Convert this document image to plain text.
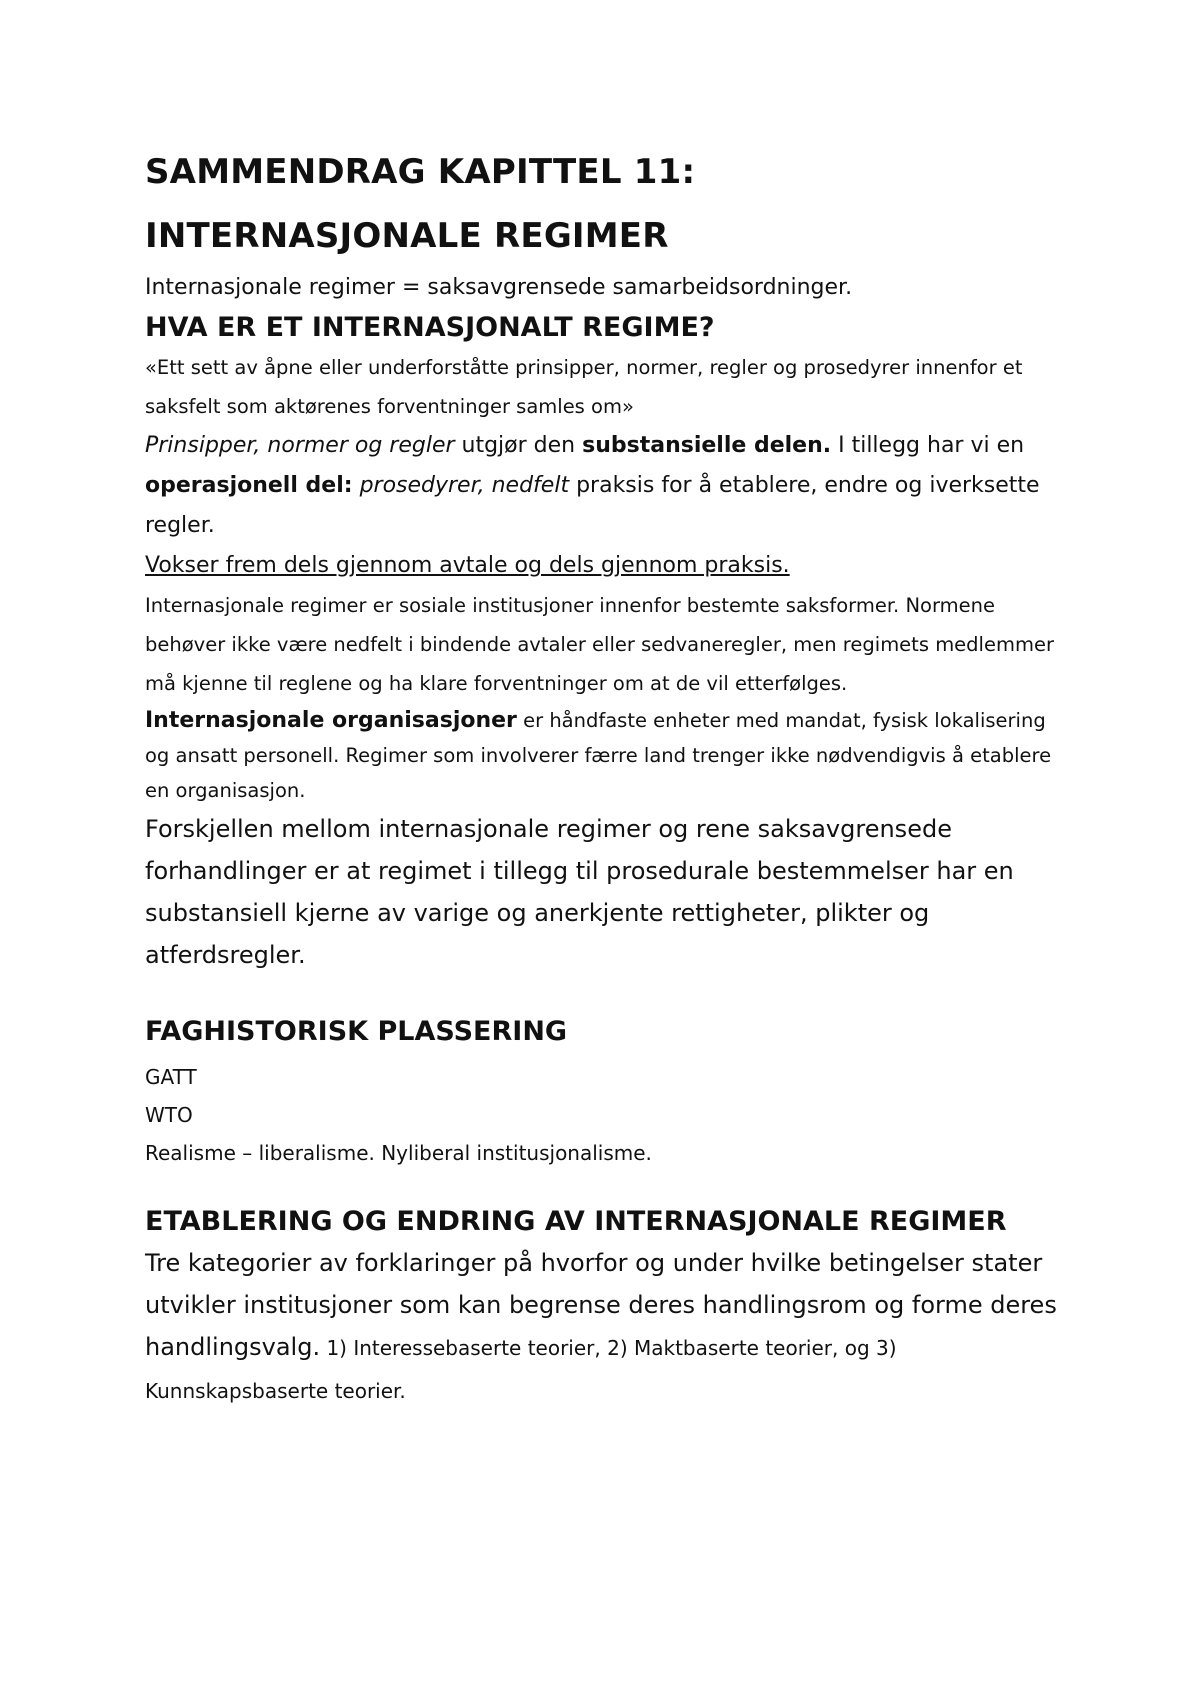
SAMMENDRAG KAPITTEL 11:
INTERNASJONALE REGIMER

Internasjonale regimer = saksavgrensede samarbeidsordninger.

HVA ER ET INTERNASJONALT REGIME?

«Ett sett av åpne eller underforståtte prinsipper, normer, regler og prosedyrer innenfor et saksfelt som aktørenes forventninger samles om»

Prinsipper, normer og regler utgjør den substansielle delen. I tillegg har vi en operasjonell del: prosedyrer, nedfelt praksis for å etablere, endre og iverksette regler.

Vokser frem dels gjennom avtale og dels gjennom praksis.

Internasjonale regimer er sosiale institusjoner innenfor bestemte saksformer. Normene behøver ikke være nedfelt i bindende avtaler eller sedvaneregler, men regimets medlemmer må kjenne til reglene og ha klare forventninger om at de vil etterfølges.

Internasjonale organisasjoner er håndfaste enheter med mandat, fysisk lokalisering og ansatt personell. Regimer som involverer færre land trenger ikke nødvendigvis å etablere en organisasjon.

Forskjellen mellom internasjonale regimer og rene saksavgrensede forhandlinger er at regimet i tillegg til prosedurale bestemmelser har en substansiell kjerne av varige og anerkjente rettigheter, plikter og atferdsregler.

FAGHISTORISK PLASSERING

GATT

WTO

Realisme – liberalisme. Nyliberal institusjonalisme.

ETABLERING OG ENDRING AV INTERNASJONALE REGIMER

Tre kategorier av forklaringer på hvorfor og under hvilke betingelser stater utvikler institusjoner som kan begrense deres handlingsrom og forme deres handlingsvalg. 1) Interessebaserte teorier, 2) Maktbaserte teorier, og 3) Kunnskapsbaserte teorier.
